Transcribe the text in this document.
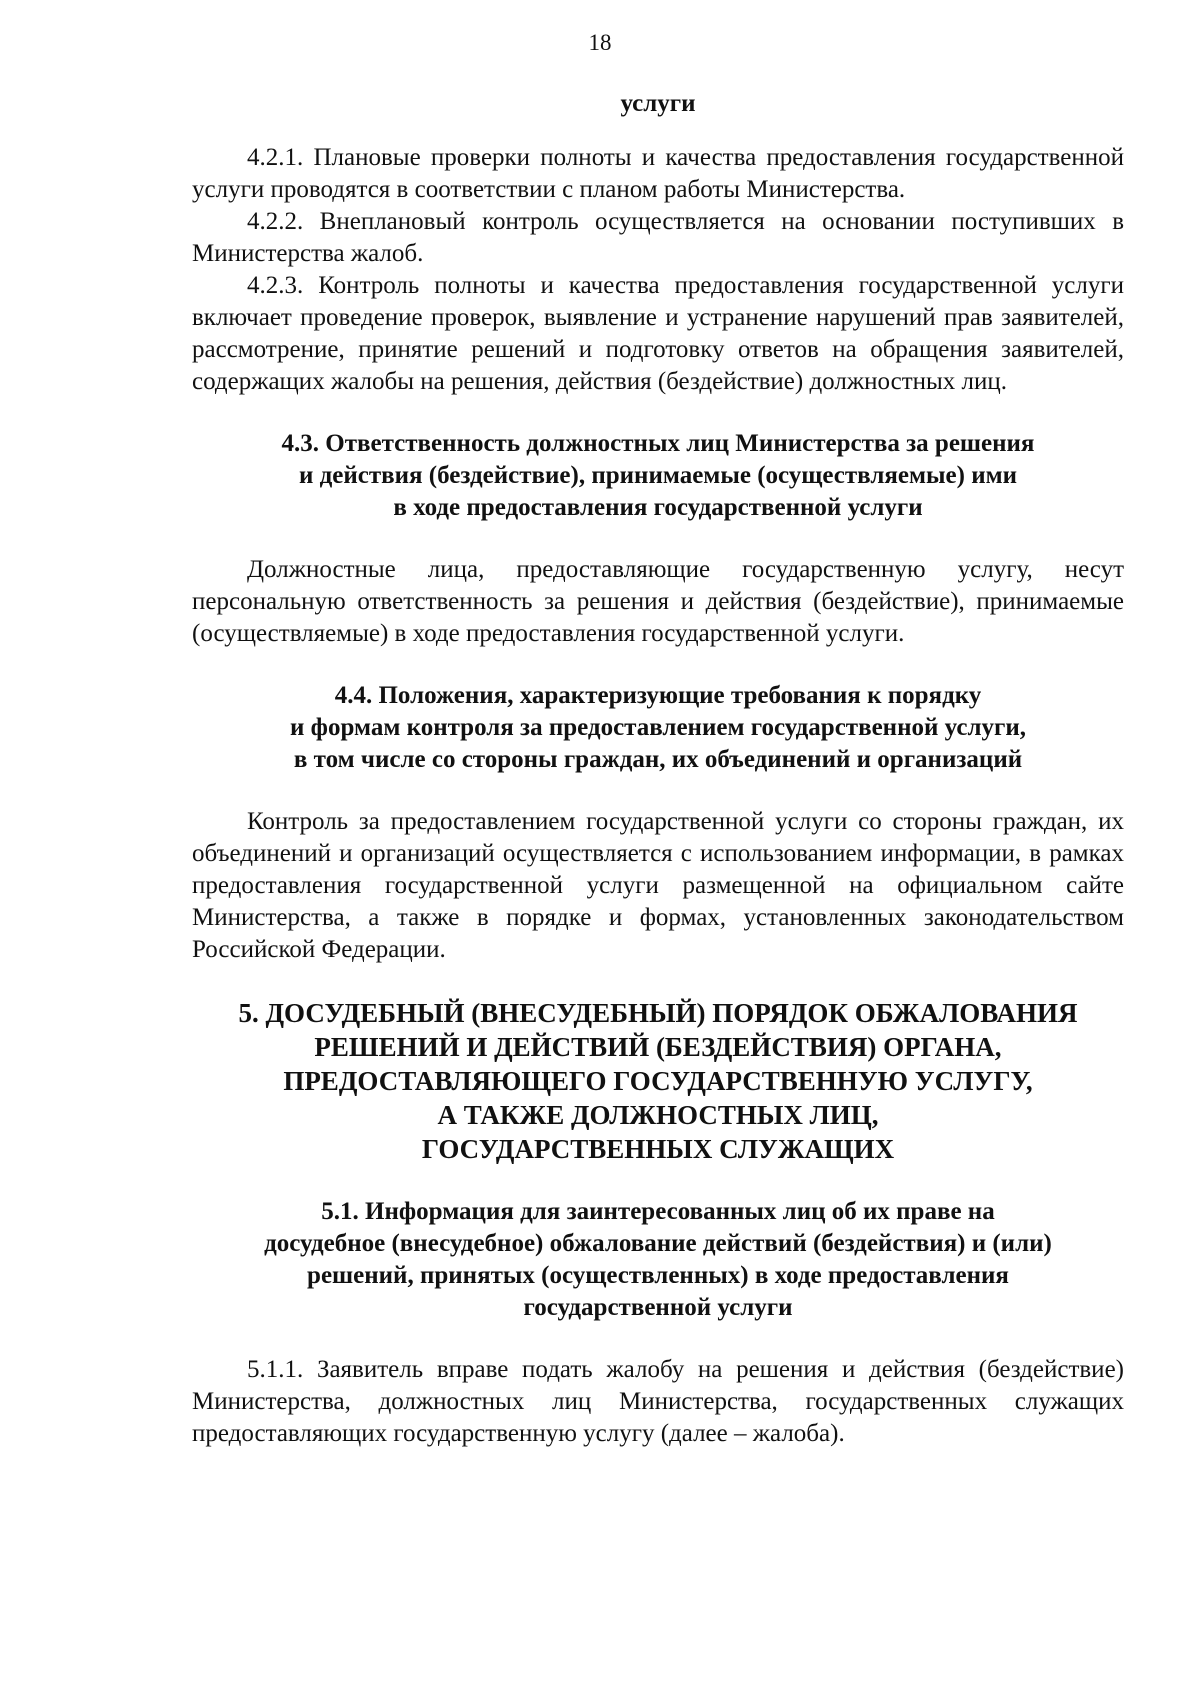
18

услуги

4.2.1. Плановые проверки полноты и качества предоставления государственной услуги проводятся в соответствии с планом работы Министерства.

4.2.2. Внеплановый контроль осуществляется на основании поступивших в Министерства жалоб.

4.2.3. Контроль полноты и качества предоставления государственной услуги включает проведение проверок, выявление и устранение нарушений прав заявителей, рассмотрение, принятие решений и подготовку ответов на обращения заявителей, содержащих жалобы на решения, действия (бездействие) должностных лиц.

4.3. Ответственность должностных лиц Министерства за решения
и действия (бездействие), принимаемые (осуществляемые) ими
в ходе предоставления государственной услуги

Должностные лица, предоставляющие государственную услугу, несут персональную ответственность за решения и действия (бездействие), принимаемые (осуществляемые) в ходе предоставления государственной услуги.

4.4. Положения, характеризующие требования к порядку
и формам контроля за предоставлением государственной услуги,
в том числе со стороны граждан, их объединений и организаций

Контроль за предоставлением государственной услуги со стороны граждан, их объединений и организаций осуществляется с использованием информации, в рамках предоставления государственной услуги размещенной на официальном сайте Министерства, а также в порядке и формах, установленных законодательством Российской Федерации.

5. ДОСУДЕБНЫЙ (ВНЕСУДЕБНЫЙ) ПОРЯДОК ОБЖАЛОВАНИЯ
РЕШЕНИЙ И ДЕЙСТВИЙ (БЕЗДЕЙСТВИЯ) ОРГАНА,
ПРЕДОСТАВЛЯЮЩЕГО ГОСУДАРСТВЕННУЮ УСЛУГУ,
А ТАКЖЕ ДОЛЖНОСТНЫХ ЛИЦ,
ГОСУДАРСТВЕННЫХ СЛУЖАЩИХ
5.1. Информация для заинтересованных лиц об их праве на
досудебное (внесудебное) обжалование действий (бездействия) и (или)
решений, принятых (осуществленных) в ходе предоставления
государственной услуги

5.1.1. Заявитель вправе подать жалобу на решения и действия (бездействие) Министерства, должностных лиц Министерства, государственных служащих предоставляющих государственную услугу (далее – жалоба).
